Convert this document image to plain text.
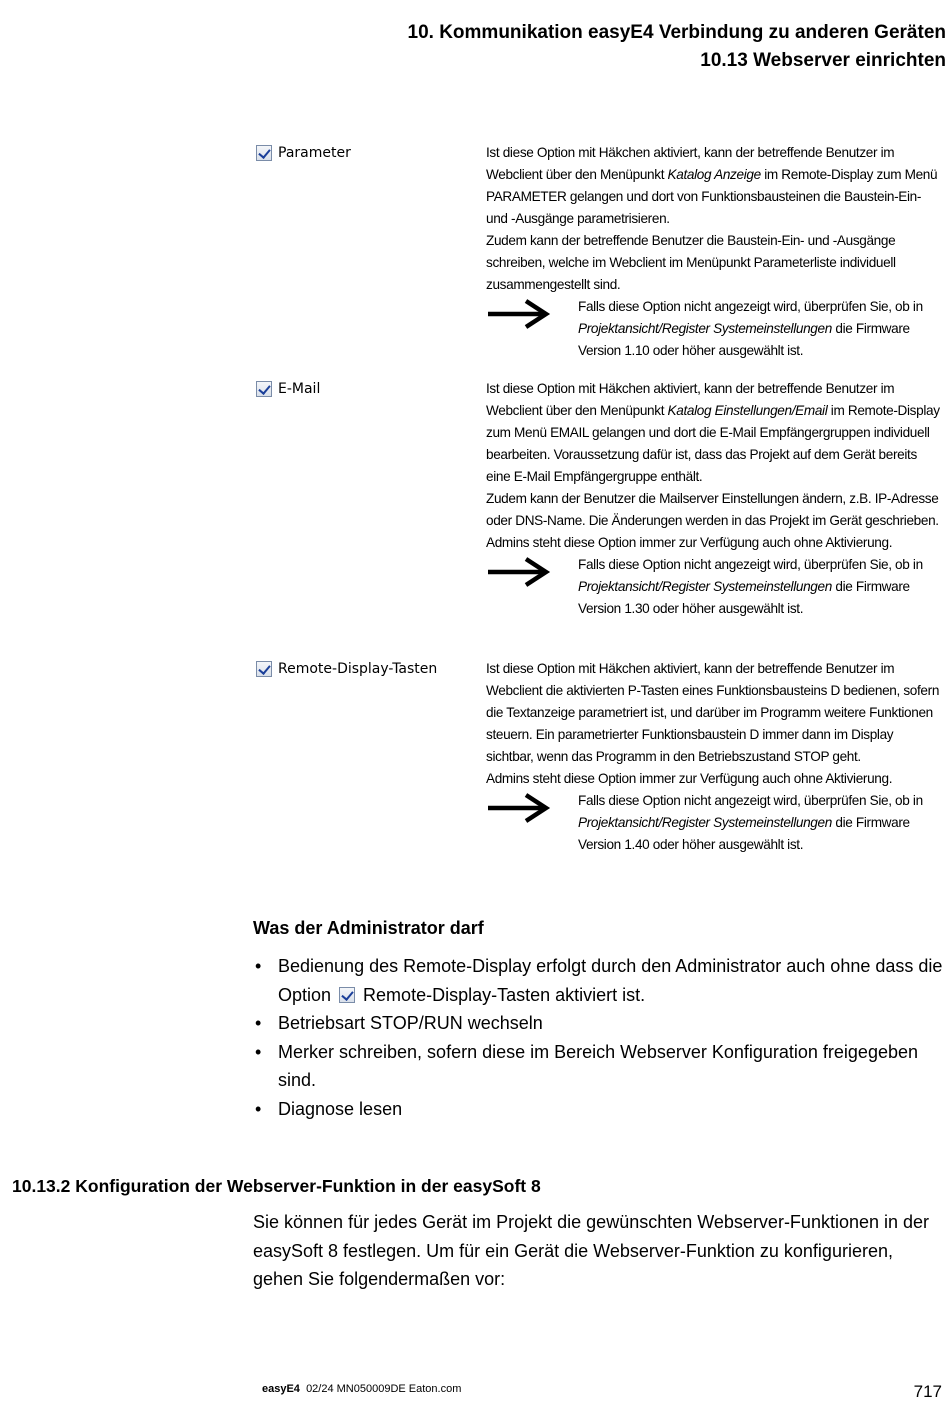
10. Kommunikation easyE4 Verbindung zu anderen Geräten
10.13 Webserver einrichten
Parameter	Ist diese Option mit Häkchen aktiviert, kann der betreffende Benutzer im Webclient über den Menüpunkt Katalog Anzeige im Remote-Display zum Menü PARAMETER gelangen und dort von Funktionsbausteinen die Baustein-Ein- und -Ausgänge parametrisieren.

Zudem kann der betreffende Benutzer die Baustein-Ein- und -Ausgänge schreiben, welche im Webclient im Menüpunkt Parameterliste individuell zusammengestellt sind.

Falls diese Option nicht angezeigt wird, überprüfen Sie, ob in Projektansicht/Register Systemeinstellungen die Firmware Version 1.10 oder höher ausgewählt ist.
E-Mail	Ist diese Option mit Häkchen aktiviert, kann der betreffende Benutzer im Webclient über den Menüpunkt Katalog Einstellungen/Email im Remote-Display zum Menü EMAIL gelangen und dort die E-Mail Empfängergruppen individuell bearbeiten. Voraussetzung dafür ist, dass das Projekt auf dem Gerät bereits eine E-Mail Empfängergruppe enthält.

Zudem kann der Benutzer die Mailserver Einstellungen ändern, z.B. IP-Adresse oder DNS-Name. Die Änderungen werden in das Projekt im Gerät geschrieben.

Admins steht diese Option immer zur Verfügung auch ohne Aktivierung.

Falls diese Option nicht angezeigt wird, überprüfen Sie, ob in Projektansicht/Register Systemeinstellungen die Firmware Version 1.30 oder höher ausgewählt ist.
Remote-Display-Tasten	Ist diese Option mit Häkchen aktiviert, kann der betreffende Benutzer im Webclient die aktivierten P-Tasten eines Funktionsbausteins D bedienen, sofern die Textanzeige parametriert ist, und darüber im Programm weitere Funktionen steuern. Ein parametrierter Funktionsbaustein D immer dann im Display sichtbar, wenn das Programm in den Betriebszustand STOP geht.

Admins steht diese Option immer zur Verfügung auch ohne Aktivierung.

Falls diese Option nicht angezeigt wird, überprüfen Sie, ob in Projektansicht/Register Systemeinstellungen die Firmware Version 1.40 oder höher ausgewählt ist.
Was der Administrator darf
• Bedienung des Remote-Display erfolgt durch den Administrator auch ohne dass die Option  Remote-Display-Tasten aktiviert ist.
• Betriebsart STOP/RUN wechseln
• Merker schreiben, sofern diese im Bereich Webserver Konfiguration freigegeben sind.
• Diagnose lesen
10.13.2 Konfiguration der Webserver-Funktion in der easySoft 8
Sie können für jedes Gerät im Projekt die gewünschten Webserver-Funktionen in der easySoft 8 festlegen. Um für ein Gerät die Webserver-Funktion zu konfigurieren, gehen Sie folgendermaßen vor:
easyE4 02/24 MN050009DE Eaton.com	717
